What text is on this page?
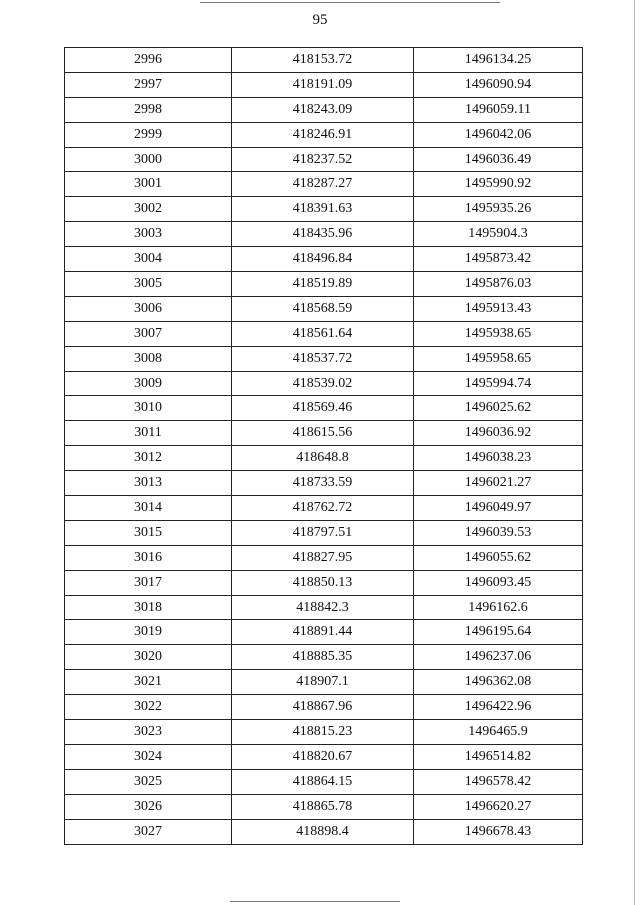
95
2996	418153.72	1496134.25
2997	418191.09	1496090.94
2998	418243.09	1496059.11
2999	418246.91	1496042.06
3000	418237.52	1496036.49
3001	418287.27	1495990.92
3002	418391.63	1495935.26
3003	418435.96	1495904.3
3004	418496.84	1495873.42
3005	418519.89	1495876.03
3006	418568.59	1495913.43
3007	418561.64	1495938.65
3008	418537.72	1495958.65
3009	418539.02	1495994.74
3010	418569.46	1496025.62
3011	418615.56	1496036.92
3012	418648.8	1496038.23
3013	418733.59	1496021.27
3014	418762.72	1496049.97
3015	418797.51	1496039.53
3016	418827.95	1496055.62
3017	418850.13	1496093.45
3018	418842.3	1496162.6
3019	418891.44	1496195.64
3020	418885.35	1496237.06
3021	418907.1	1496362.08
3022	418867.96	1496422.96
3023	418815.23	1496465.9
3024	418820.67	1496514.82
3025	418864.15	1496578.42
3026	418865.78	1496620.27
3027	418898.4	1496678.43
